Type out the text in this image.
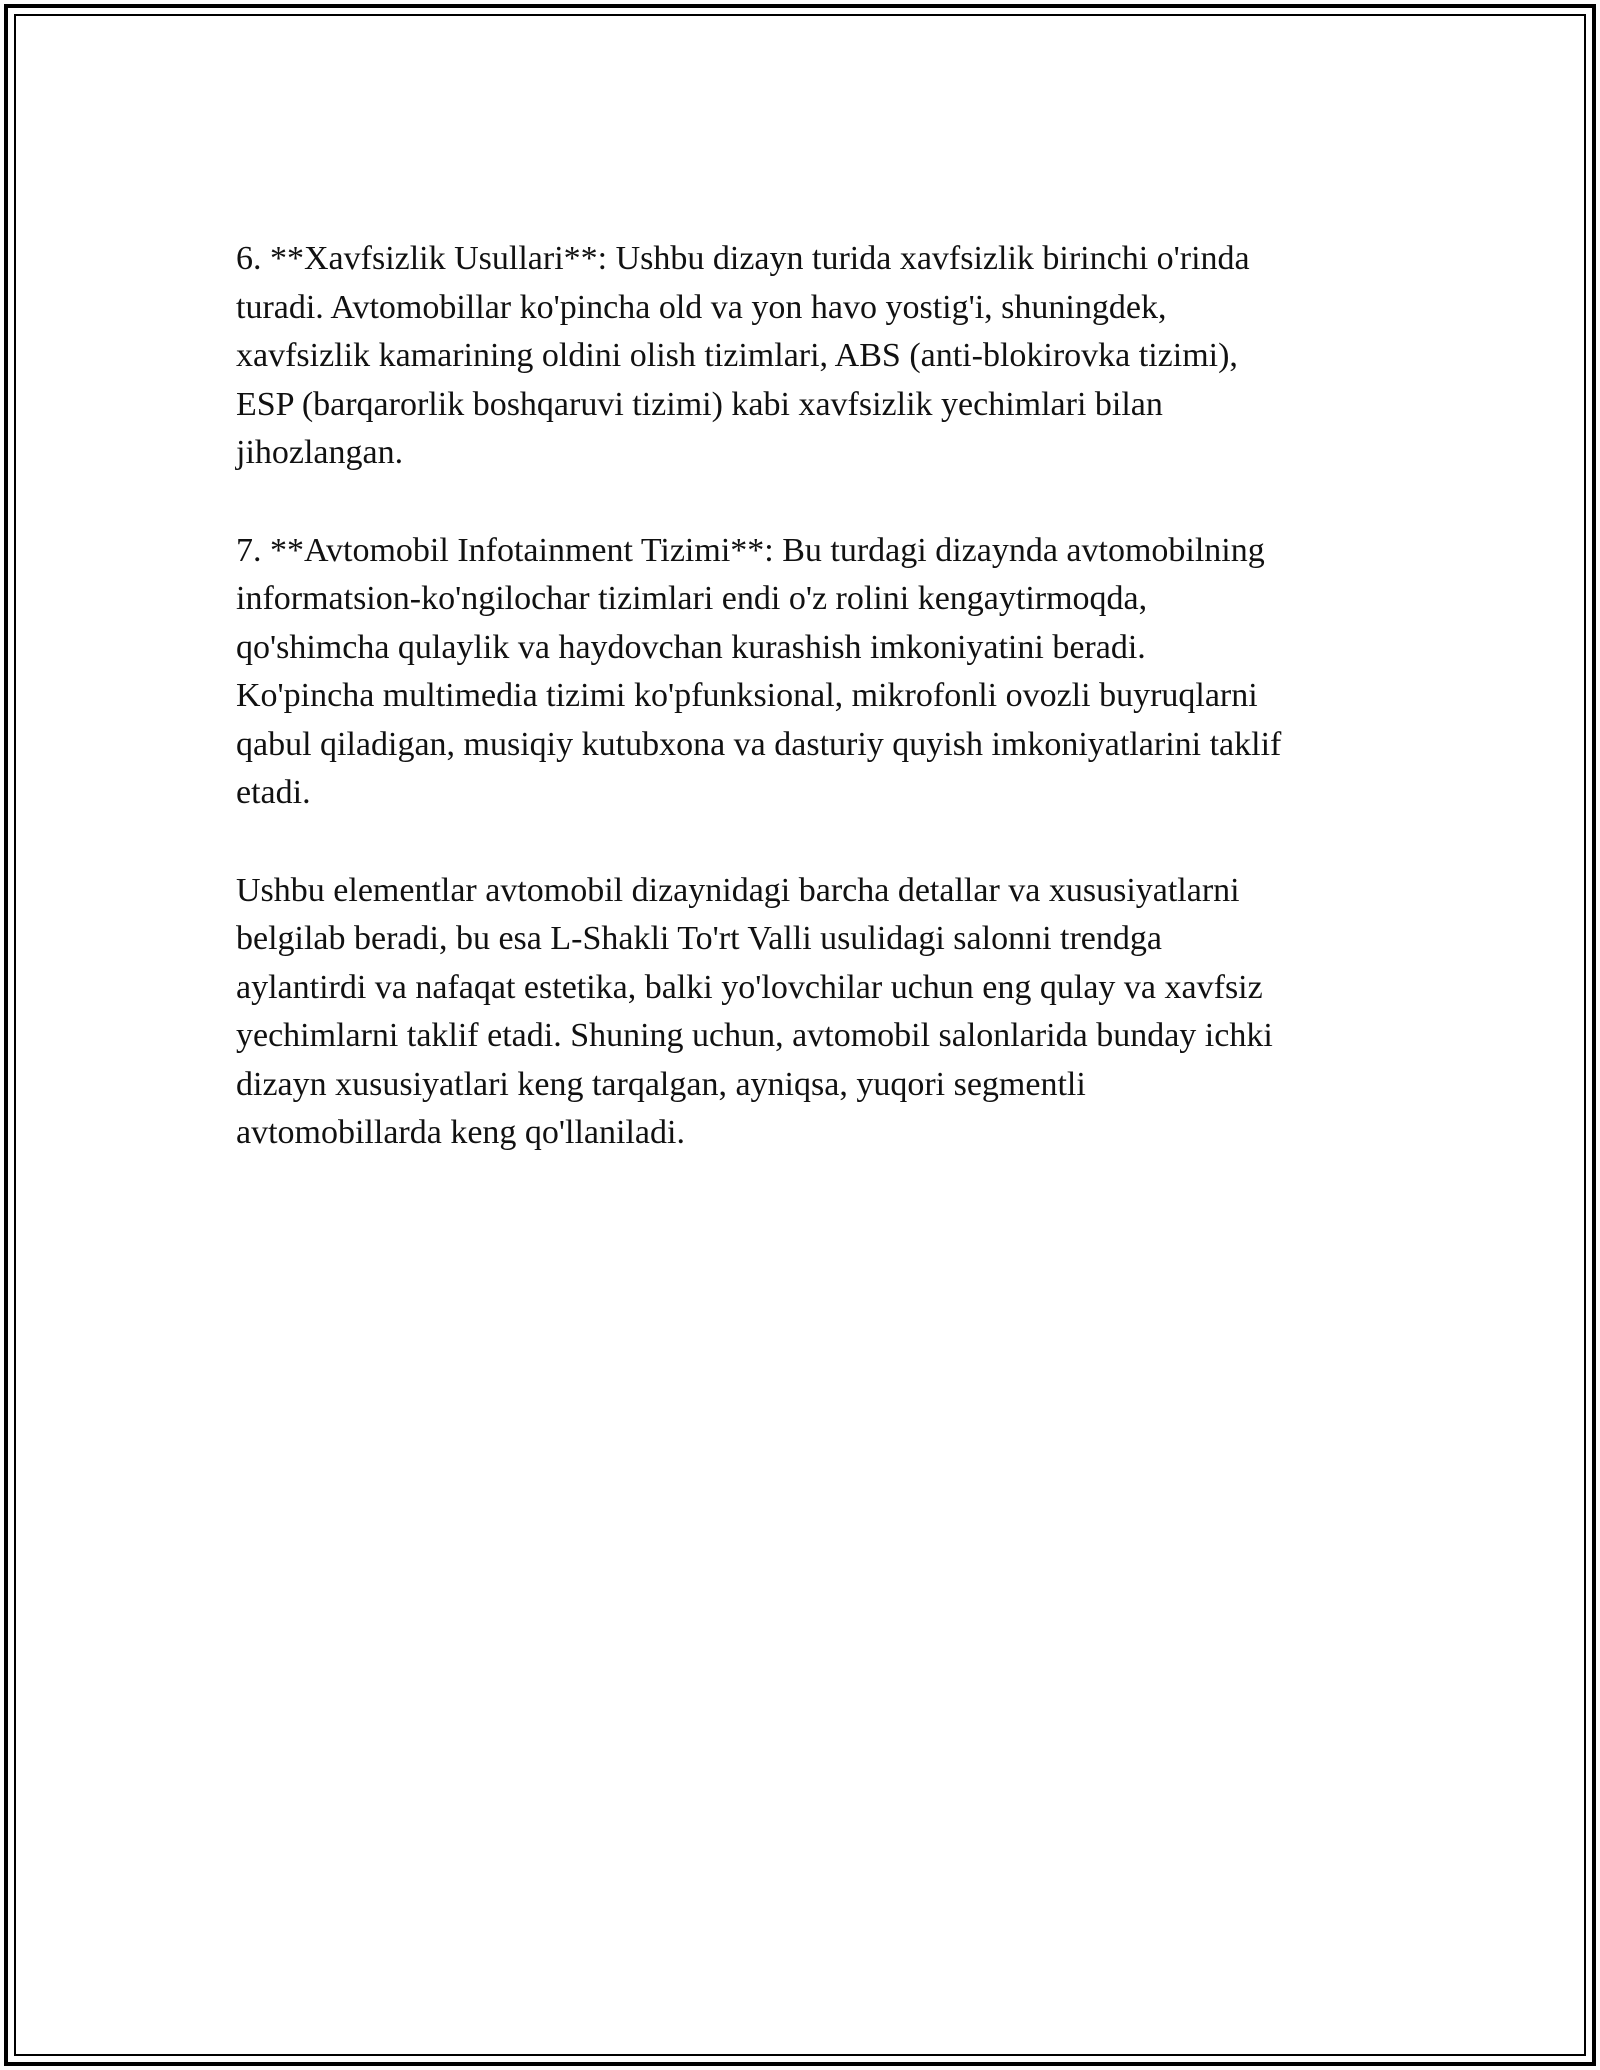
6. **Xavfsizlik Usullari**: Ushbu dizayn turida xavfsizlik birinchi o'rinda
turadi. Avtomobillar ko'pincha old va yon havo yostig'i, shuningdek,
xavfsizlik kamarining oldini olish tizimlari, ABS (anti-blokirovka tizimi),
ESP (barqarorlik boshqaruvi tizimi) kabi xavfsizlik yechimlari bilan
jihozlangan.

7. **Avtomobil Infotainment Tizimi**: Bu turdagi dizaynda avtomobilning
informatsion-ko'ngilochar tizimlari endi o'z rolini kengaytirmoqda,
qo'shimcha qulaylik va haydovchan kurashish imkoniyatini beradi.
Ko'pincha multimedia tizimi ko'pfunksional, mikrofonli ovozli buyruqlarni
qabul qiladigan, musiqiy kutubxona va dasturiy quyish imkoniyatlarini taklif
etadi.

Ushbu elementlar avtomobil dizaynidagi barcha detallar va xususiyatlarni
belgilab beradi, bu esa L-Shakli To'rt Valli usulidagi salonni trendga
aylantirdi va nafaqat estetika, balki yo'lovchilar uchun eng qulay va xavfsiz
yechimlarni taklif etadi. Shuning uchun, avtomobil salonlarida bunday ichki
dizayn xususiyatlari keng tarqalgan, ayniqsa, yuqori segmentli
avtomobillarda keng qo'llaniladi.
